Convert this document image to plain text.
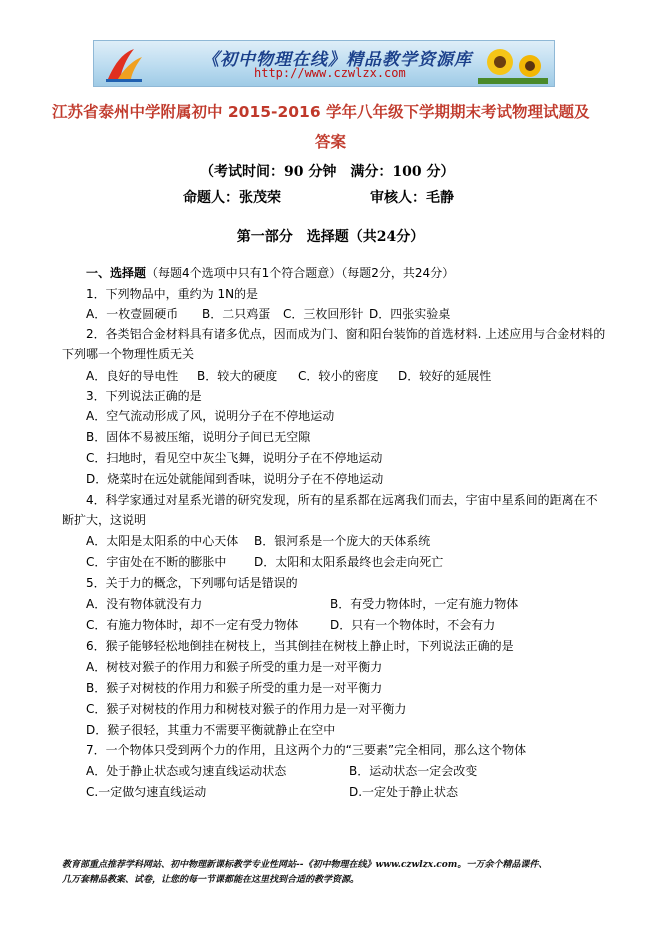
《初中物理在线》精品教学资源库
http://www.czwlzx.com
江苏省泰州中学附属初中 2015-2016 学年八年级下学期期末考试物理试题及
答案
（考试时间：90 分钟　满分：100 分）
命题人：张茂荣	审核人：毛静
第一部分　选择题（共24分）
一、选择题（每题4个选项中只有1个符合题意）（每题2分，共24分）
1．下列物品中，重约为 1N的是
A．一枚壹圆硬币 B．二只鸡蛋 C．三枚回形针 D．四张实验桌
2．各类铝合金材料具有诸多优点，因而成为门、窗和阳台装饰的首选材料. 上述应用与合金材料的
下列哪一个物理性质无关
A．良好的导电性 B．较大的硬度 C．较小的密度 D．较好的延展性
3．下列说法正确的是
A．空气流动形成了风，说明分子在不停地运动
B．固体不易被压缩，说明分子间已无空隙
C．扫地时，看见空中灰尘飞舞，说明分子在不停地运动
D．烧菜时在远处就能闻到香味，说明分子在不停地运动
4．科学家通过对星系光谱的研究发现，所有的星系都在远离我们而去，宇宙中星系间的距离在不
断扩大，这说明
A．太阳是太阳系的中心天体 B．银河系是一个庞大的天体系统
C．宇宙处在不断的膨胀中 D．太阳和太阳系最终也会走向死亡
5．关于力的概念，下列哪句话是错误的
A．没有物体就没有力	B．有受力物体时，一定有施力物体
C．有施力物体时，却不一定有受力物体	D．只有一个物体时，不会有力
6．猴子能够轻松地倒挂在树枝上，当其倒挂在树枝上静止时，下列说法正确的是
A．树枝对猴子的作用力和猴子所受的重力是一对平衡力
B．猴子对树枝的作用力和猴子所受的重力是一对平衡力
C．猴子对树枝的作用力和树枝对猴子的作用力是一对平衡力
D．猴子很轻，其重力不需要平衡就静止在空中
7．一个物体只受到两个力的作用，且这两个力的“三要素”完全相同，那么这个物体
A．处于静止状态或匀速直线运动状态	B．运动状态一定会改变
C.一定做匀速直线运动	D.一定处于静止状态
教育部重点推荐学科网站、初中物理新课标教学专业性网站--《初中物理在线》www.czwlzx.com。一万余个精品课件、
几万套精品教案、试卷，让您的每一节课都能在这里找到合适的教学资源。
